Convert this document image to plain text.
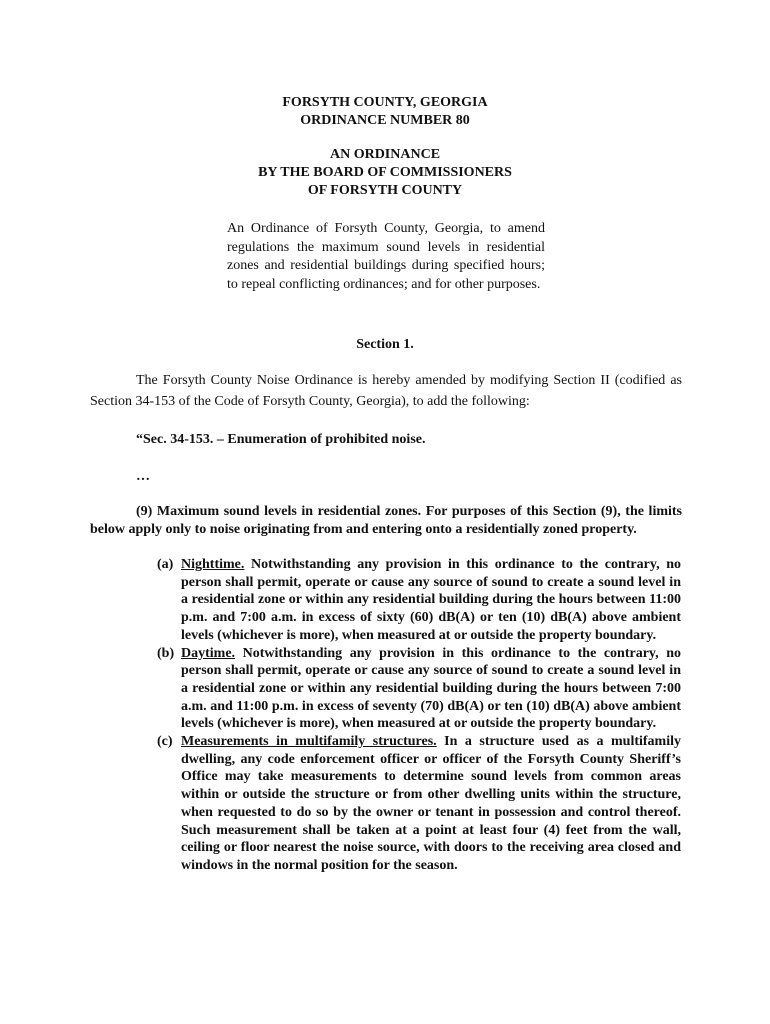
FORSYTH COUNTY, GEORGIA
ORDINANCE NUMBER 80
AN ORDINANCE
BY THE BOARD OF COMMISSIONERS
OF FORSYTH COUNTY
An Ordinance of Forsyth County, Georgia, to amend regulations the maximum sound levels in residential zones and residential buildings during specified hours; to repeal conflicting ordinances; and for other purposes.
Section 1.
The Forsyth County Noise Ordinance is hereby amended by modifying Section II (codified as Section 34-153 of the Code of Forsyth County, Georgia), to add the following:
“Sec. 34-153. – Enumeration of prohibited noise.
…
(9) Maximum sound levels in residential zones. For purposes of this Section (9), the limits below apply only to noise originating from and entering onto a residentially zoned property.
(a) Nighttime. Notwithstanding any provision in this ordinance to the contrary, no person shall permit, operate or cause any source of sound to create a sound level in a residential zone or within any residential building during the hours between 11:00 p.m. and 7:00 a.m. in excess of sixty (60) dB(A) or ten (10) dB(A) above ambient levels (whichever is more), when measured at or outside the property boundary.
(b) Daytime. Notwithstanding any provision in this ordinance to the contrary, no person shall permit, operate or cause any source of sound to create a sound level in a residential zone or within any residential building during the hours between 7:00 a.m. and 11:00 p.m. in excess of seventy (70) dB(A) or ten (10) dB(A) above ambient levels (whichever is more), when measured at or outside the property boundary.
(c) Measurements in multifamily structures. In a structure used as a multifamily dwelling, any code enforcement officer or officer of the Forsyth County Sheriff’s Office may take measurements to determine sound levels from common areas within or outside the structure or from other dwelling units within the structure, when requested to do so by the owner or tenant in possession and control thereof. Such measurement shall be taken at a point at least four (4) feet from the wall, ceiling or floor nearest the noise source, with doors to the receiving area closed and windows in the normal position for the season.
